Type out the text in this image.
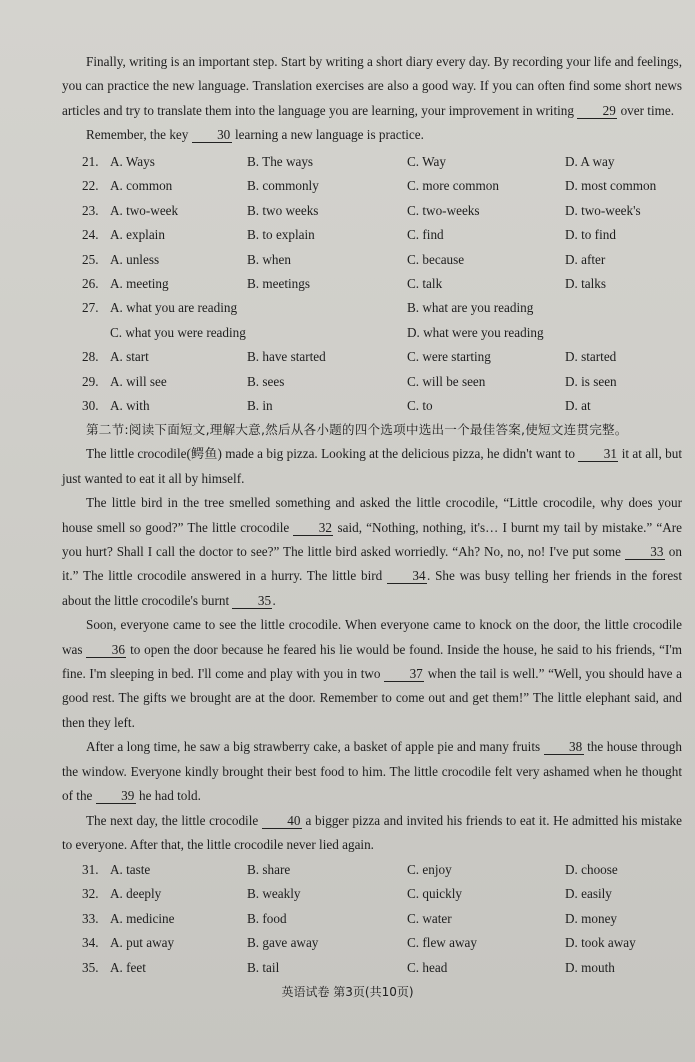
Finally, writing is an important step. Start by writing a short diary every day. By recording your life and feelings, you can practice the new language. Translation exercises are also a good way. If you can often find some short news articles and try to translate them into the language you are learning, your improvement in writing 29 over time.

Remember, the key 30 learning a new language is practice.

21. A. Ways	B. The ways	C. Way	D. A way
22. A. common	B. commonly	C. more common	D. most common
23. A. two-week	B. two weeks	C. two-weeks	D. two-week's
24. A. explain	B. to explain	C. find	D. to find
25. A. unless	B. when	C. because	D. after
26. A. meeting	B. meetings	C. talk	D. talks
27. A. what you are reading	B. what are you reading
C. what you were reading	D. what were you reading
28. A. start	B. have started	C. were starting	D. started
29. A. will see	B. sees	C. will be seen	D. is seen
30. A. with	B. in	C. to	D. at
第二节:阅读下面短文,理解大意,然后从各小题的四个选项中选出一个最佳答案,使短文连贯完整。

The little crocodile(鳄鱼) made a big pizza. Looking at the delicious pizza, he didn't want to 31 it at all, but just wanted to eat it all by himself.

The little bird in the tree smelled something and asked the little crocodile, “Little crocodile, why does your house smell so good?” The little crocodile 32 said, “Nothing, nothing, it's… I burnt my tail by mistake.” “Are you hurt? Shall I call the doctor to see?” The little bird asked worriedly. “Ah? No, no, no! I've put some 33 on it.” The little crocodile answered in a hurry. The little bird 34. She was busy telling her friends in the forest about the little crocodile's burnt 35.

Soon, everyone came to see the little crocodile. When everyone came to knock on the door, the little crocodile was 36 to open the door because he feared his lie would be found. Inside the house, he said to his friends, “I'm fine. I'm sleeping in bed. I'll come and play with you in two 37 when the tail is well.” “Well, you should have a good rest. The gifts we brought are at the door. Remember to come out and get them!” The little elephant said, and then they left.

After a long time, he saw a big strawberry cake, a basket of apple pie and many fruits 38 the house through the window. Everyone kindly brought their best food to him. The little crocodile felt very ashamed when he thought of the 39 he had told.

The next day, the little crocodile 40 a bigger pizza and invited his friends to eat it. He admitted his mistake to everyone. After that, the little crocodile never lied again.

31. A. taste	B. share	C. enjoy	D. choose
32. A. deeply	B. weakly	C. quickly	D. easily
33. A. medicine	B. food	C. water	D. money
34. A. put away	B. gave away	C. flew away	D. took away
35. A. feet	B. tail	C. head	D. mouth
英语试卷 第3页(共10页)
